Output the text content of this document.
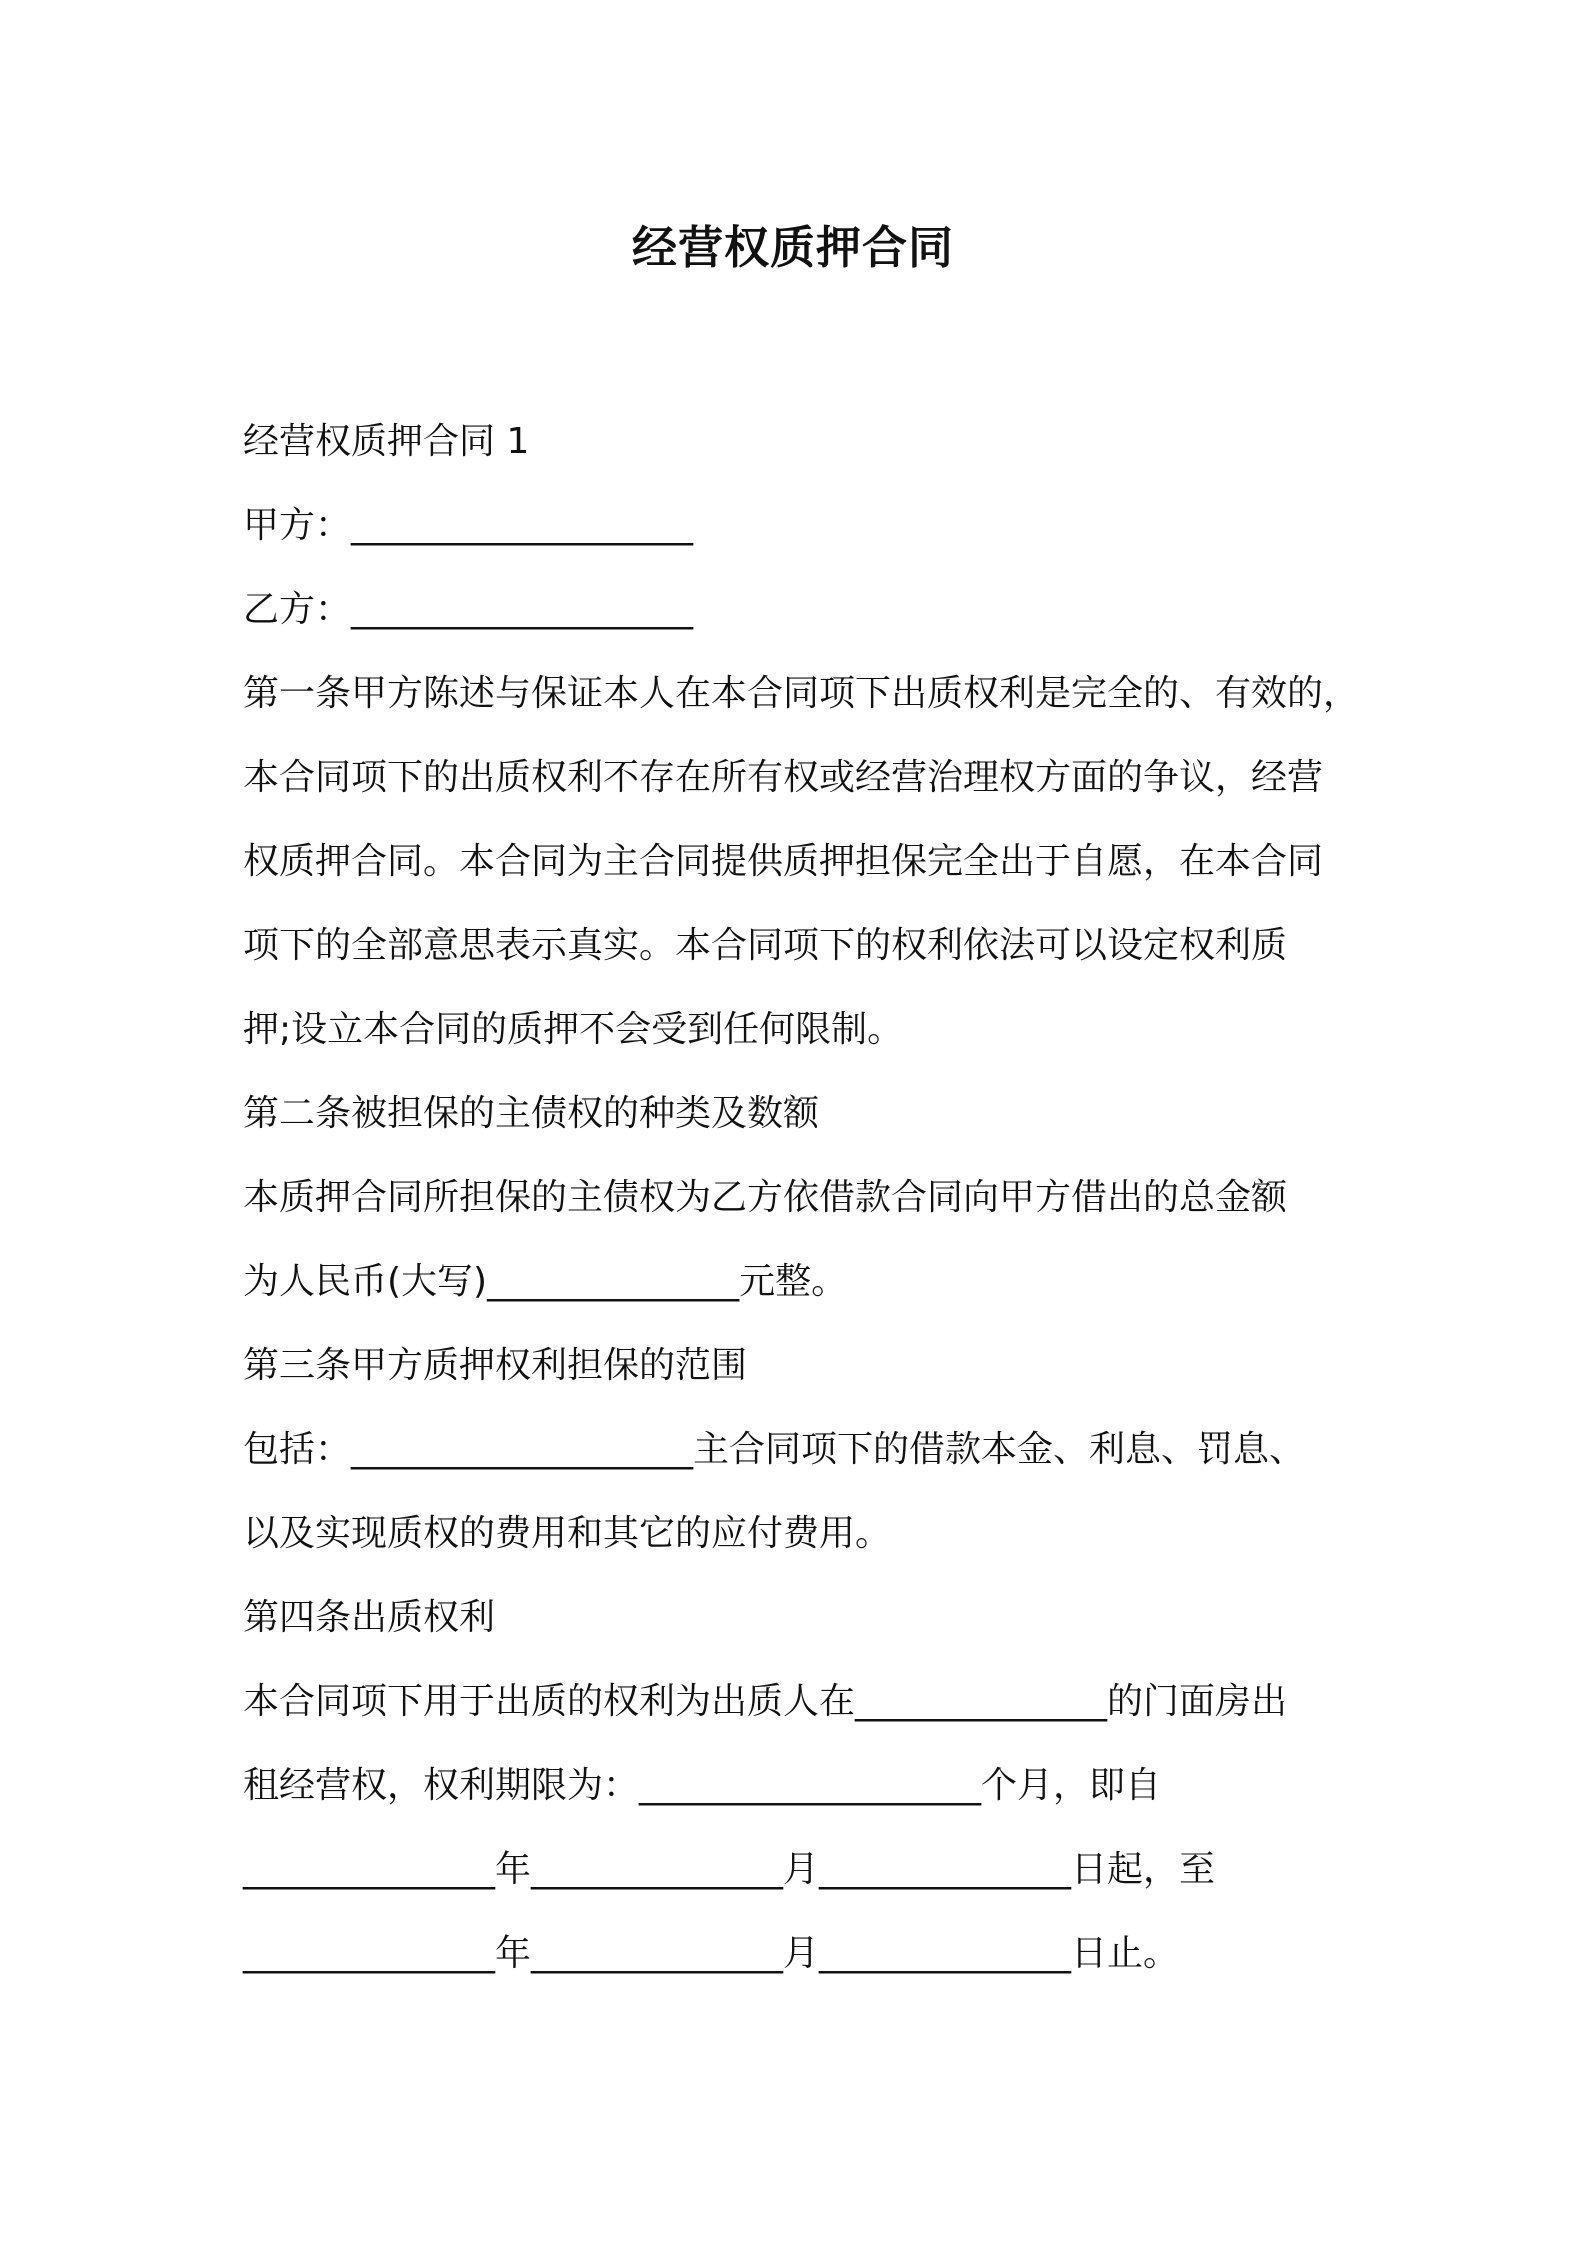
经营权质押合同

经营权质押合同 1

甲方：___________________

乙方：___________________

第一条甲方陈述与保证本人在本合同项下出质权利是完全的、有效的，

本合同项下的出质权利不存在所有权或经营治理权方面的争议，经营

权质押合同。本合同为主合同提供质押担保完全出于自愿，在本合同

项下的全部意思表示真实。本合同项下的权利依法可以设定权利质

押;设立本合同的质押不会受到任何限制。

第二条被担保的主债权的种类及数额

本质押合同所担保的主债权为乙方依借款合同向甲方借出的总金额

为人民币(大写)______________元整。

第三条甲方质押权利担保的范围

包括：___________________主合同项下的借款本金、利息、罚息、

以及实现质权的费用和其它的应付费用。

第四条出质权利

本合同项下用于出质的权利为出质人在______________的门面房出

租经营权，权利期限为：___________________个月，即自

______________年______________月______________日起，至

______________年______________月______________日止。
